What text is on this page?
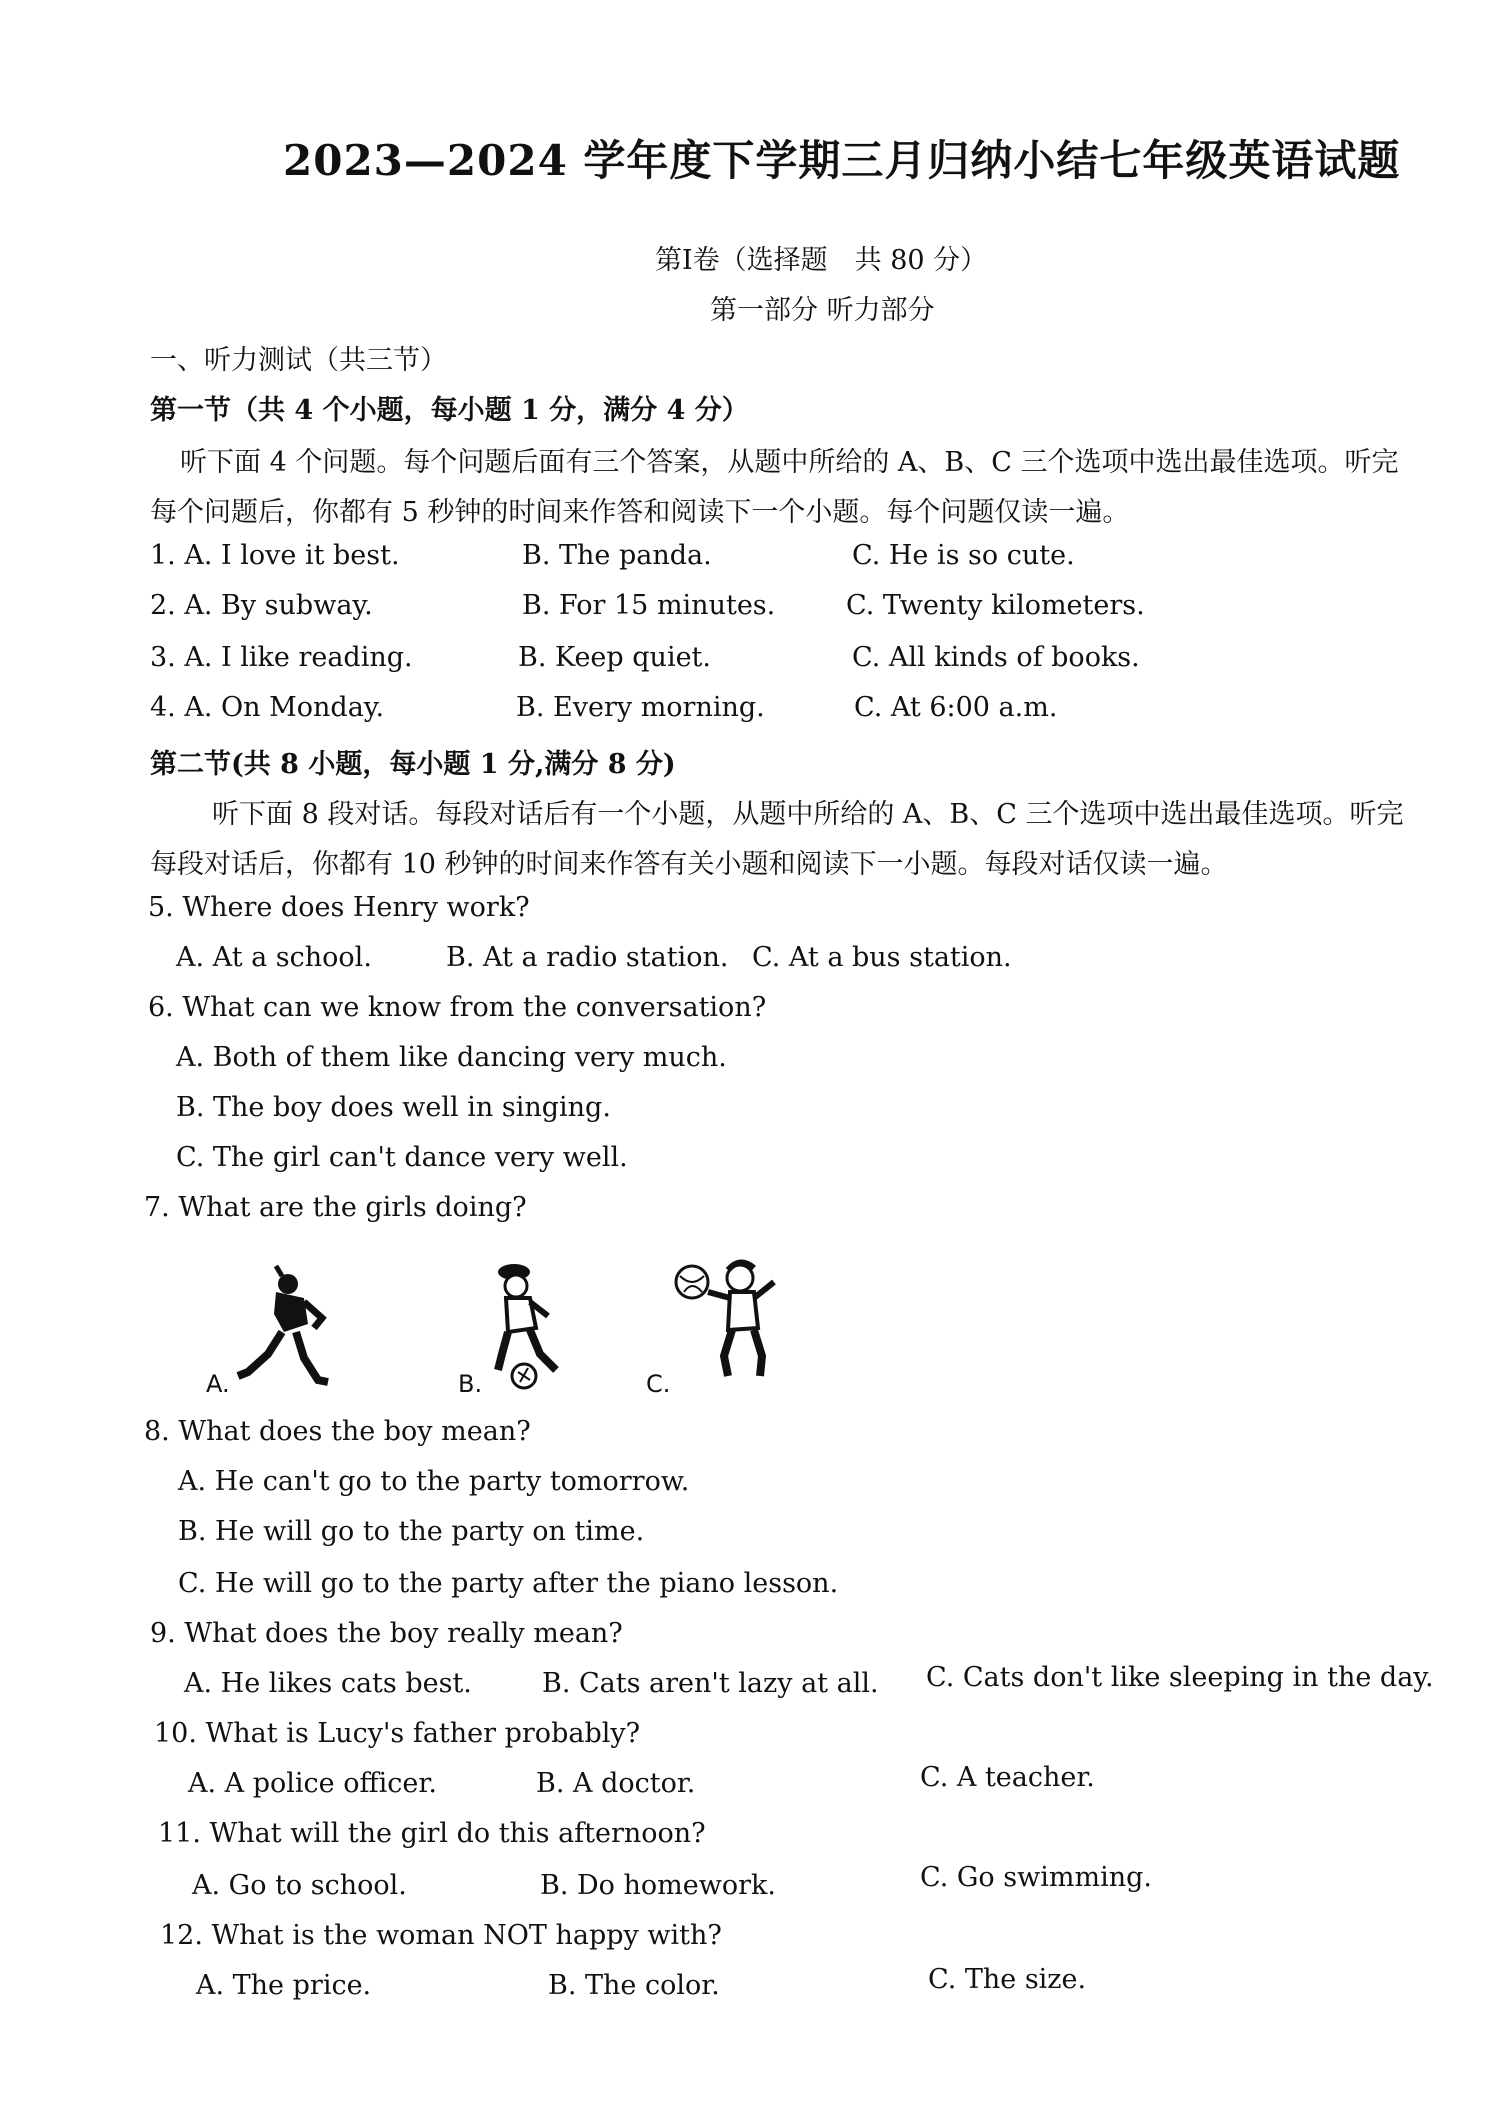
2023—2024 学年度下学期三月归纳小结七年级英语试题
第Ⅰ卷（选择题　共 80 分）
第一部分 听力部分
一、听力测试（共三节）
第一节（共 4 个小题，每小题 1 分，满分 4 分）
听下面 4 个问题。每个问题后面有三个答案，从题中所给的 A、B、C 三个选项中选出最佳选项。听完
每个问题后，你都有 5 秒钟的时间来作答和阅读下一个小题。每个问题仅读一遍。
1. A. I love it best.	B. The panda.	C. He is so cute.
2. A. By subway.	B. For 15 minutes.	C. Twenty kilometers.
3. A. I like reading.	B. Keep quiet.	C. All kinds of books.
4. A. On Monday.	B. Every morning.	C. At 6:00 a.m.
第二节(共 8 小题，每小题 1 分,满分 8 分)
听下面 8 段对话。每段对话后有一个小题，从题中所给的 A、B、C 三个选项中选出最佳选项。听完
每段对话后，你都有 10 秒钟的时间来作答有关小题和阅读下一小题。每段对话仅读一遍。
5. Where does Henry work?
A. At a school.	B. At a radio station. C. At a bus station.
6. What can we know from the conversation?
A. Both of them like dancing very much.
B. The boy does well in singing.
C. The girl can't dance very well.
7. What are the girls doing?
A.	B.	C.
8. What does the boy mean?
A. He can't go to the party tomorrow.
B. He will go to the party on time.
C. He will go to the party after the piano lesson.
9. What does the boy really mean?
A. He likes cats best.	B. Cats aren't lazy at all. C. Cats don't like sleeping in the day.
10. What is Lucy's father probably?
A. A police officer.	B. A doctor.	C. A teacher.
11. What will the girl do this afternoon?
A. Go to school.	B. Do homework.	C. Go swimming.
12. What is the woman NOT happy with?
A. The price.	B. The color.	C. The size.
